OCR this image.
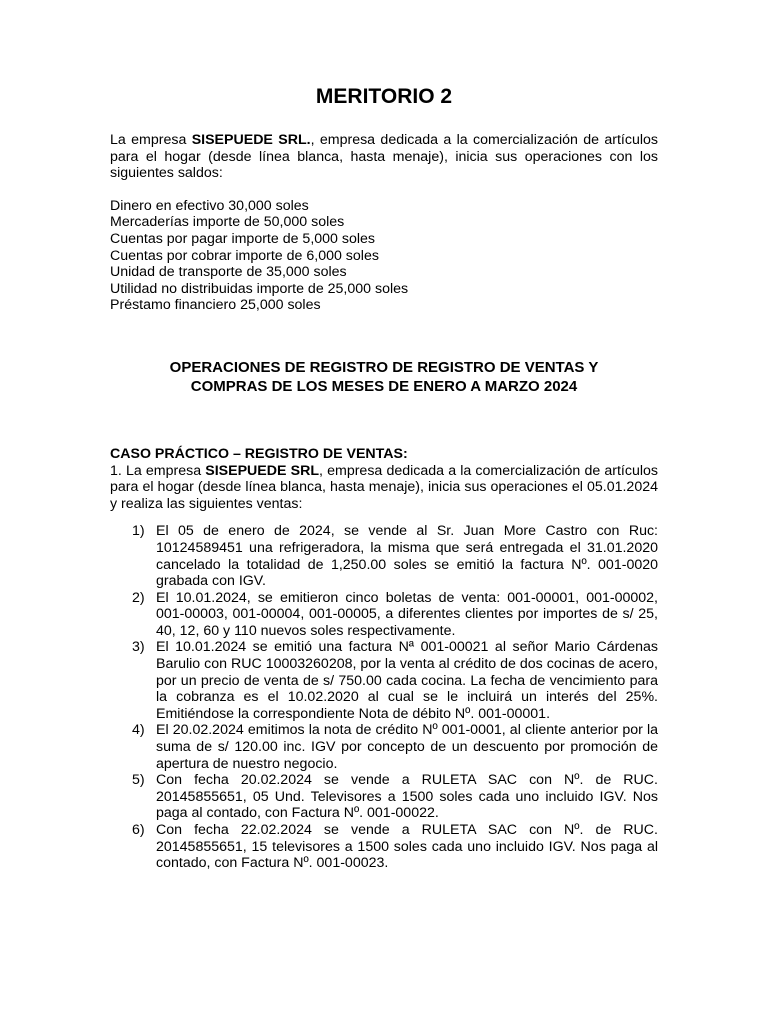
MERITORIO 2

La empresa SISEPUEDE SRL., empresa dedicada a la comercialización de artículos para el hogar (desde línea blanca, hasta menaje), inicia sus operaciones con los siguientes saldos:

Dinero en efectivo 30,000 soles
Mercaderías importe de 50,000 soles
Cuentas por pagar importe de 5,000 soles
Cuentas por cobrar importe de 6,000 soles
Unidad de transporte de 35,000 soles
Utilidad no distribuidas importe de 25,000 soles
Préstamo financiero 25,000 soles
OPERACIONES DE REGISTRO DE REGISTRO DE VENTAS Y
COMPRAS DE LOS MESES DE ENERO A MARZO 2024
CASO PRÁCTICO – REGISTRO DE VENTAS:

1. La empresa SISEPUEDE SRL, empresa dedicada a la comercialización de artículos para el hogar (desde línea blanca, hasta menaje), inicia sus operaciones el 05.01.2024 y realiza las siguientes ventas:

1) El 05 de enero de 2024, se vende al Sr. Juan More Castro con Ruc: 10124589451 una refrigeradora, la misma que será entregada el 31.01.2020 cancelado la totalidad de 1,250.00 soles se emitió la factura Nº. 001-0020 grabada con IGV.
2) El 10.01.2024, se emitieron cinco boletas de venta: 001-00001, 001-00002, 001-00003, 001-00004, 001-00005, a diferentes clientes por importes de s/ 25, 40, 12, 60 y 110 nuevos soles respectivamente.
3) El 10.01.2024 se emitió una factura Nª 001-00021 al señor Mario Cárdenas Barulio con RUC 10003260208, por la venta al crédito de dos cocinas de acero, por un precio de venta de s/ 750.00 cada cocina. La fecha de vencimiento para la cobranza es el 10.02.2020 al cual se le incluirá un interés del 25%. Emitiéndose la correspondiente Nota de débito Nº. 001-00001.
4) El 20.02.2024 emitimos la nota de crédito Nº 001-0001, al cliente anterior por la suma de s/ 120.00 inc. IGV por concepto de un descuento por promoción de apertura de nuestro negocio.
5) Con fecha 20.02.2024 se vende a RULETA SAC con Nº. de RUC. 20145855651, 05 Und. Televisores a 1500 soles cada uno incluido IGV. Nos paga al contado, con Factura Nº. 001-00022.
6) Con fecha 22.02.2024 se vende a RULETA SAC con Nº. de RUC. 20145855651, 15 televisores a 1500 soles cada uno incluido IGV. Nos paga al contado, con Factura Nº. 001-00023.
